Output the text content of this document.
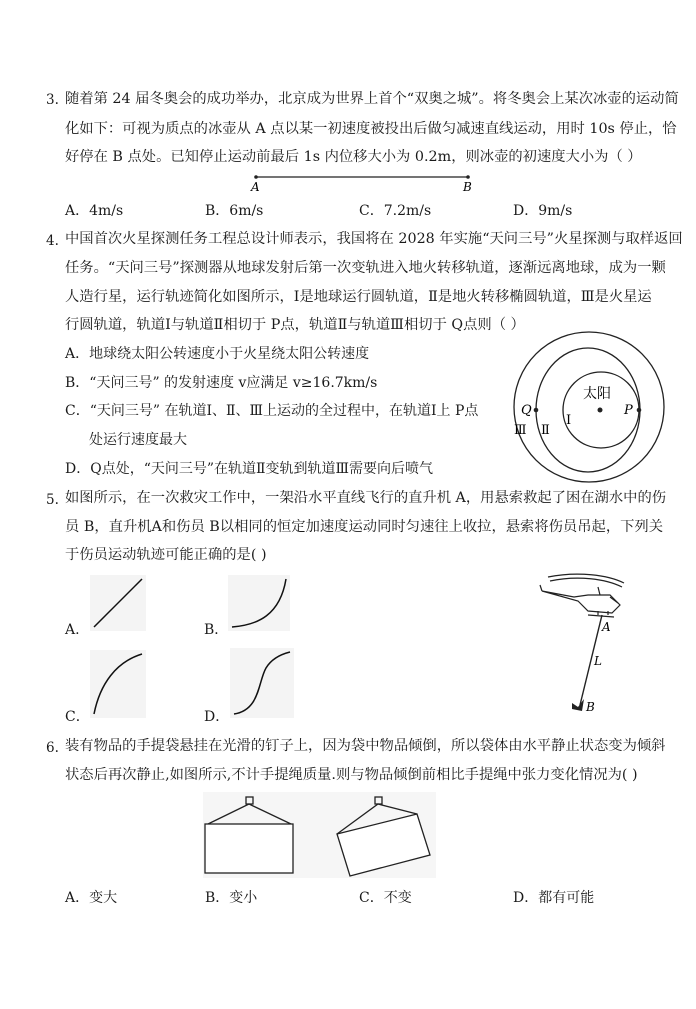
3. 随着第 24 届冬奥会的成功举办，北京成为世界上首个“双奥之城”。将冬奥会上某次冰壶的运动简
化如下：可视为质点的冰壶从 A 点以某一初速度被投出后做匀减速直线运动，用时 10s 停止，恰
好停在 B 点处。已知停止运动前最后 1s 内位移大小为 0.2m，则冰壶的初速度大小为（ ）
A	B
A．4m/s	B．6m/s	C．7.2m/s	D．9m/s
4. 中国首次火星探测任务工程总设计师表示，我国将在 2028 年实施“天问三号”火星探测与取样返回
任务。“天问三号”探测器从地球发射后第一次变轨进入地火转移轨道，逐渐远离地球，成为一颗
人造行星，运行轨迹简化如图所示，Ⅰ是地球运行圆轨道，Ⅱ是地火转移椭圆轨道，Ⅲ是火星运
行圆轨道，轨道Ⅰ与轨道Ⅱ相切于 P点，轨道Ⅱ与轨道Ⅲ相切于 Q点则（ ）
A．地球绕太阳公转速度小于火星绕太阳公转速度
B．“天问三号” 的发射速度 v应满足 v≥16.7km/s
C．“天问三号” 在轨道Ⅰ、Ⅱ、Ⅲ上运动的全过程中，在轨道Ⅰ上 P点
处运行速度最大
D．Q点处，“天问三号”在轨道Ⅱ变轨到轨道Ⅲ需要向后喷气
太阳
Q	P
Ⅰ
Ⅱ
Ⅲ
5. 如图所示，在一次救灾工作中，一架沿水平直线飞行的直升机 A，用悬索救起了困在湖水中的伤
员 B，直升机A和伤员 B以相同的恒定加速度运动同时匀速往上收拉，悬索将伤员吊起，下列关
于伤员运动轨迹可能正确的是( )
A.	B．
C．	D．
A
L
B
6. 装有物品的手提袋悬挂在光滑的钉子上，因为袋中物品倾倒，所以袋体由水平静止状态变为倾斜
状态后再次静止,如图所示,不计手提绳质量.则与物品倾倒前相比手提绳中张力变化情况为( )
A．变大	B．变小	C．不变	D．都有可能
